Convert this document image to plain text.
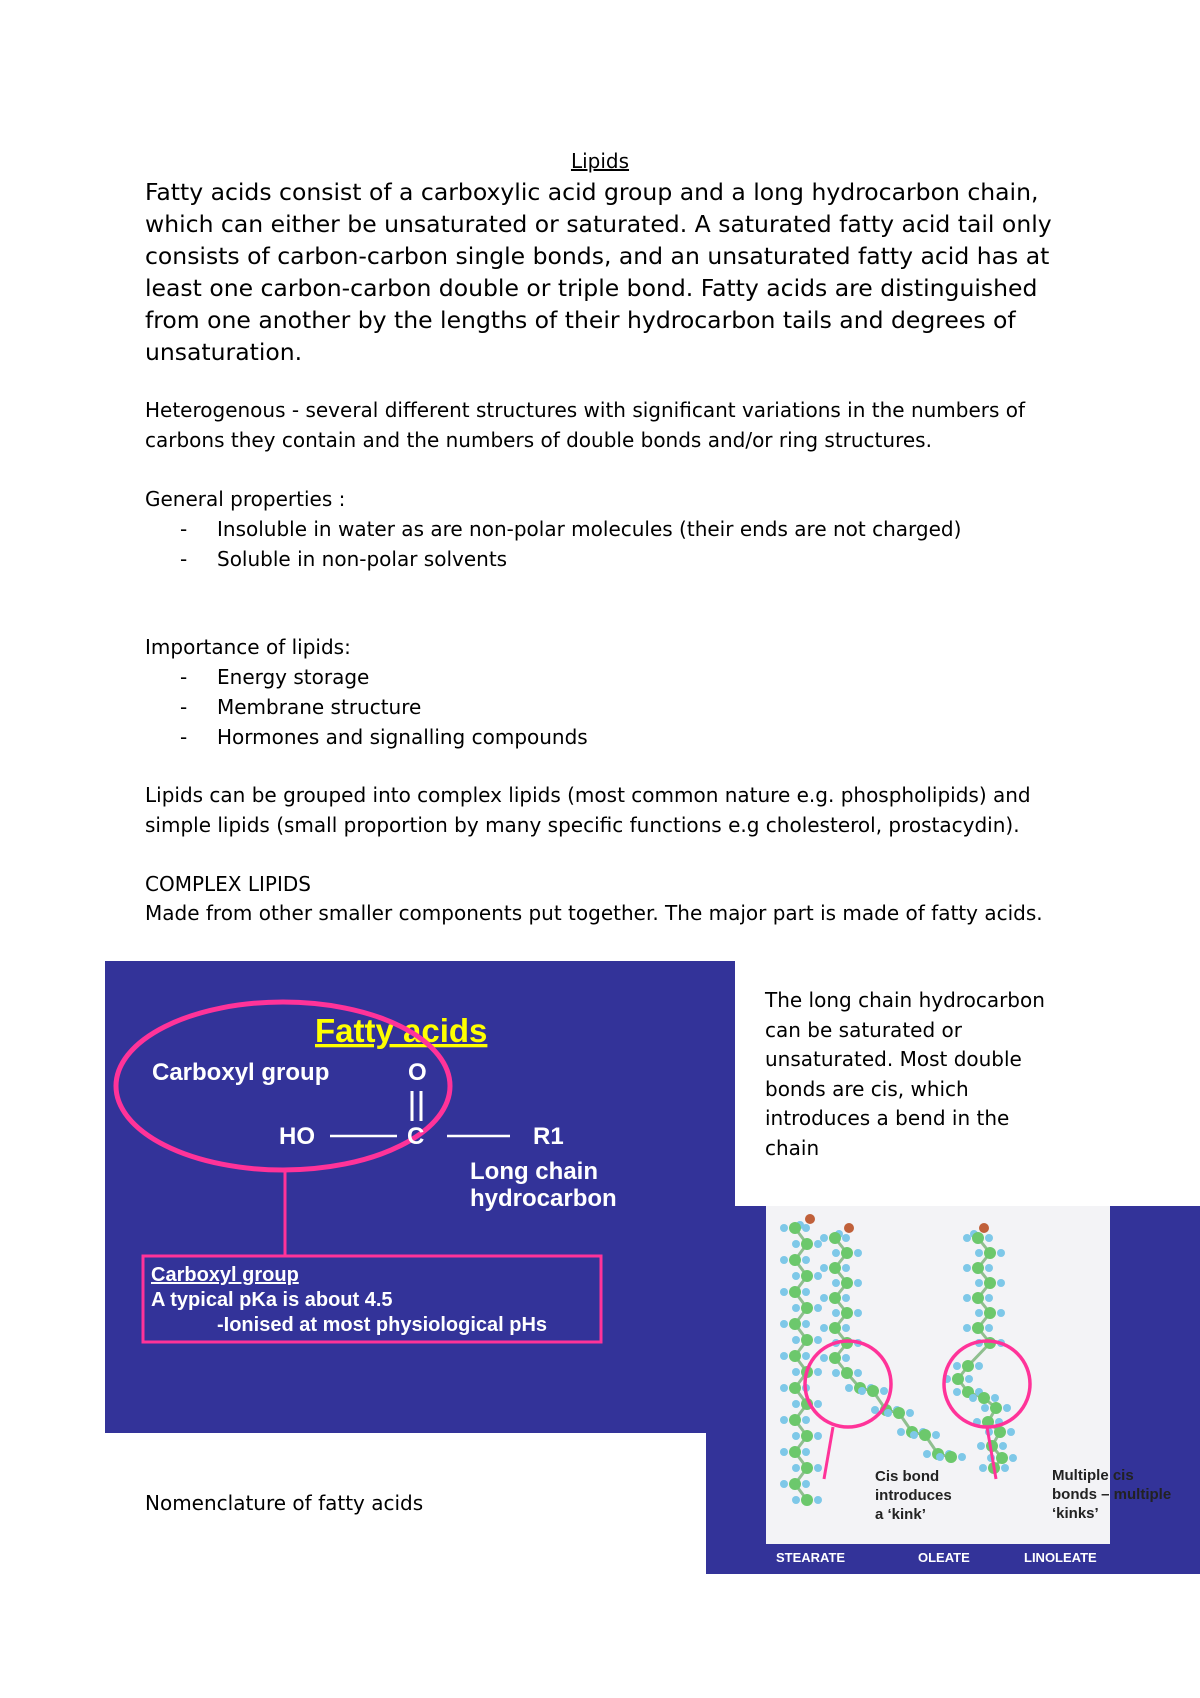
Lipids
Fatty acids consist of a carboxylic acid group and a long hydrocarbon chain,
which can either be unsaturated or saturated. A saturated fatty acid tail only
consists of carbon-carbon single bonds, and an unsaturated fatty acid has at
least one carbon-carbon double or triple bond. Fatty acids are distinguished
from one another by the lengths of their hydrocarbon tails and degrees of
unsaturation.
Heterogenous - several different structures with significant variations in the numbers of
carbons they contain and the numbers of double bonds and/or ring structures.
General properties :
- Insoluble in water as are non-polar molecules (their ends are not charged)
- Soluble in non-polar solvents
Importance of lipids:
- Energy storage
- Membrane structure
- Hormones and signalling compounds
Lipids can be grouped into complex lipids (most common nature e.g. phospholipids) and
simple lipids (small proportion by many specific functions e.g cholesterol, prostacydin).
COMPLEX LIPIDS
Made from other smaller components put together. The major part is made of fatty acids.
Fatty acids
Carboxyl group	O
HO	C	R1
Long chain
hydrocarbon
Carboxyl group
A typical pKa is about 4.5
-Ionised at most physiological pHs
The long chain hydrocarbon
can be saturated or
unsaturated. Most double
bonds are cis, which
introduces a bend in the
chain
Cis bond
introduces
a ‘kink’
Multiple cis
bonds – multiple
‘kinks’
STEARATE	OLEATE	LINOLEATE
Nomenclature of fatty acids
